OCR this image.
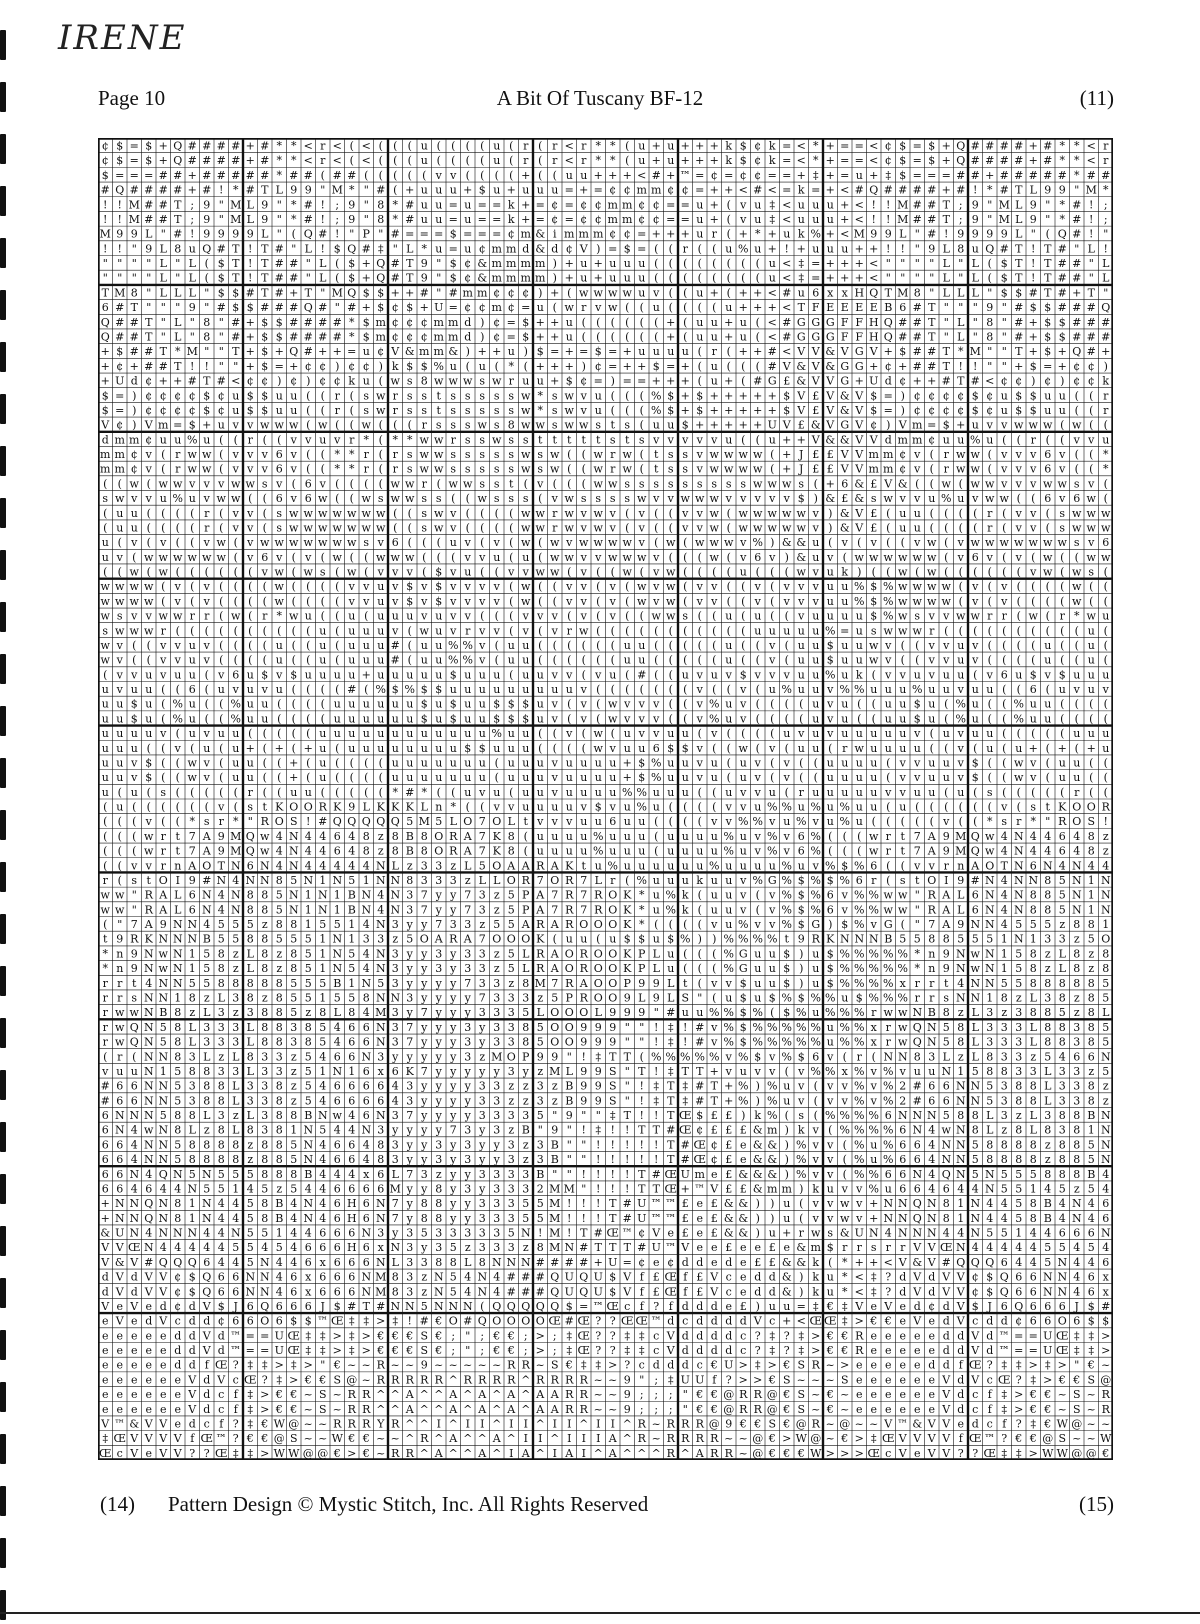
IRENE
Page 10	A Bit Of Tuscany BF-12	(11)
¢ $ = $ + Q # # # # + # * * < r < ( < ( ( ( u ( ( ( ( u ( r ( r < r * * ( u + u + + + k $ ¢ k = < * + = = < ¢ $ = $ + Q # # # # + # * * < r
¢ $ = $ + Q # # # # + # * * < r < ( < ( ( ( u ( ( ( ( u ( r ( r < r * * ( u + u + + + k $ ¢ k = < * + = = < ¢ $ = $ + Q # # # # + # * * < r
$ = = = # # + # # # # # * # # ( # # ( ( ( ( ( v v ( ( ( ( + ( ( u u + + + < # + ™ = ¢ = ¢ ¢ = = + ‡ + = u + ‡ $ = = = # # + # # # # # * # #
# Q # # # # + # ! * # T L 9 9 " M * " # ( + u u u + $ u + u u u = + = ¢ ¢ m m ¢ ¢ = + + < # < = k = + < # Q # # # # + # ! * # T L 9 9 " M *
! ! M # # T ; 9 " M L 9 " * # ! ; 9 " 8 * # u u = u = = k + = ¢ = ¢ ¢ m m ¢ ¢ = = u + ( v u ‡ < u u u + < ! ! M # # T ; 9 " M L 9 " * # ! ;
! ! M # # T ; 9 " M L 9 " * # ! ; 9 " 8 * # u u = u = = k + = ¢ = ¢ ¢ m m ¢ ¢ = = u + ( v u ‡ < u u u + < ! ! M # # T ; 9 " M L 9 " * # ! ;
M 9 9 L " # ! 9 9 9 9 L " ( Q # ! " P " # = = = $ = = = ¢ m & i m m m ¢ ¢ = + + + u r ( + * + u k % + < M 9 9 L " # ! 9 9 9 9 L " ( Q # ! "
! ! " 9 L 8 u Q # T ! T # " L ! $ Q # ‡ " L * u = u ¢ m m d & d ¢ V ) = $ = ( ( r ( ( u % u + ! + u u u + + ! ! " 9 L 8 u Q # T ! T # " L !
" " " " L " L ( $ T ! T # # " L ( $ + Q # T 9 " $ ¢ & m m m m ) + u + u u u ( ( ( ( ( ( ( ( u < ‡ = + + + < " " " " L " L ( $ T ! T # # " L
" " " " L " L ( $ T ! T # # " L ( $ + Q # T 9 " $ ¢ & m m m m ) + u + u u u ( ( ( ( ( ( ( ( u < ‡ = + + + < " " " " L " L ( $ T ! T # # " L
T M 8 " L L L " $ $ # T # + T " M Q $ $ + + # " # m m ¢ ¢ ¢ ) + ( w w w w u v ( ( u + ( + + < # u 6 x x H Q T M 8 " L L L " $ $ # T # + T "
6 # T " " " 9 " # $ $ # # # Q # " # + $ ¢ $ + U = ¢ ¢ m ¢ = u ( w r v w ( ( u ( ( ( ( u + + + < T F E E E E B 6 # T " " " 9 " # $ $ # # # Q
Q # # T " L " 8 " # + $ $ # # # # * $ m ¢ ¢ ¢ m m d ) ¢ = $ + + u ( ( ( ( ( ( + ( u u + u ( < # G G G F F H Q # # T " L " 8 " # + $ $ # # #
Q # # T " L " 8 " # + $ $ # # # # * $ m ¢ ¢ ¢ m m d ) ¢ = $ + + u ( ( ( ( ( ( + ( u u + u ( < # G G G F F H Q # # T " L " 8 " # + $ $ # # #
+ $ # # T * M " " T + $ + Q # + + = u ¢ V & m m & ) + + u ) $ = + = $ = + u u u u ( r ( + + # < V V & V G V + $ # # T * M " " T + $ + Q # +
+ ¢ + # # T ! ! " " + $ = + ¢ ¢ ) ¢ ¢ ) k $ $ % u ( u ( * ( + + + ) ¢ = + + $ = + ( u ( ( ( # V & V & G G + ¢ + # # T ! ! " " + $ = + ¢ ¢ )
+ U d ¢ + + # T # < ¢ ¢ ) ¢ ) ¢ ¢ k u ( w s 8 w w w s w r u u + $ ¢ = ) = = + + + ( u + ( # G £ & V V G + U d ¢ + + # T # < ¢ ¢ ) ¢ ) ¢ ¢ k
$ = ) ¢ ¢ ¢ ¢ $ ¢ u $ $ u u ( ( r ( s w r s s t s s s s s w * s w v u ( ( ( % $ + $ + + + + + $ V £ V & V $ = ) ¢ ¢ ¢ ¢ $ ¢ u $ $ u u ( ( r
$ = ) ¢ ¢ ¢ ¢ $ ¢ u $ $ u u ( ( r ( s w r s s t s s s s s w * s w v u ( ( ( % $ + $ + + + + + $ V £ V & V $ = ) ¢ ¢ ¢ ¢ $ ¢ u $ $ u u ( ( r
V ¢ ) V m = $ + u v v w w w ( w ( ( w ( ( ( r s s s w s 8 w w s w w s t s ( u u $ + + + + + U V £ & V G V ¢ ) V m = $ + u v v w w w ( w ( (
d m m ¢ u u % u ( ( r ( ( v v u v r * ( * * w w r s s w s s t t t t t s t s v v v v v u ( ( u + + V & & V V d m m ¢ u u % u ( ( r ( ( v v u
m m ¢ v ( r w w ( v v v 6 v ( ( * * r ( r s w w s s s s s w s w ( ( w r w ( t s s v w w w w ( + J £ £ V V m m ¢ v ( r w w ( v v v 6 v ( ( *
m m ¢ v ( r w w ( v v v 6 v ( ( * * r ( r s w w s s s s s w s w ( ( w r w ( t s s v w w w w ( + J £ £ V V m m ¢ v ( r w w ( v v v 6 v ( ( *
( ( w ( w w v v v w w s v ( 6 v ( ( ( ( w w r ( w w s s t ( v ( ( ( w w s s s s s s s s s w w w s ( + 6 & £ V & ( ( w ( w w v v v w w s v (
s w v v u % u v w w ( ( 6 v 6 w ( ( w s w w s s ( ( w s s s ( v w s s s s w v v w w w v v v v v $ ) & £ & s w v v u % u v w w ( ( 6 v 6 w (
( u u ( ( ( ( r ( v v ( s w w w w w w w ( ( s w v ( ( ( ( w w r w v w v ( v ( ( v v w ( w w w w w v ) & V £ ( u u ( ( ( ( r ( v v ( s w w w
( u u ( ( ( ( r ( v v ( s w w w w w w w ( ( s w v ( ( ( ( w w r w v w v ( v ( ( v v w ( w w w w w v ) & V £ ( u u ( ( ( ( r ( v v ( s w w w
u ( v ( v ( ( v w ( v w w w w w w w s v 6 ( ( ( u v ( v ( w ( w v w w w w v ( w ( w w w v % ) & & u ( v ( v ( ( v w ( v w w w w w w w s v 6
u v ( w w w w w w ( v 6 v ( v ( w ( ( w w w ( ( ( v v u ( u ( w w v v w w w v ( ( ( w ( v 6 v ) & u v ( w w w w w w ( v 6 v ( v ( w ( ( w w
( ( w ( w ( ( ( ( ( ( v w ( w s ( w ( v v v ( $ v u ( ( v v w w ( v ( ( w ( v w ( ( ( ( u ( ( ( w v u k ) ( ( w ( w ( ( ( ( ( ( v w ( w s (
w w w w ( v ( v ( ( ( ( w ( ( ( ( v v u v $ v $ v v v v ( w ( ( v v ( v ( w v w ( v v ( ( v ( v v v u u % $ % w w w w ( v ( v ( ( ( ( w ( (
w w w w ( v ( v ( ( ( ( w ( ( ( ( v v u v $ v $ v v v v ( w ( ( v v ( v ( w v w ( v v ( ( v ( v v v u u % $ % w w w w ( v ( v ( ( ( ( w ( (
w s v v w w r r ( w ( r * w u ( ( u ( u u u v u v v ( ( ( v v v ( v ( v ( ( w w s ( ( u ( u ( ( v u u u u $ % w s v v w w r r ( w ( r * w u
s w w w r ( ( ( ( ( ( ( ( ( ( u ( u u u v ( w u v r v v ( v ( v r w ( ( ( ( ( ( ( ( ( ( ( u u u u u % = u s w w w r ( ( ( ( ( ( ( ( ( ( u (
w v ( ( v v u v ( ( ( ( u ( ( u ( u u u # ( u u % % v ( u u ( ( ( ( ( ( u u ( ( ( ( ( u ( ( v ( u u $ u u w v ( ( v v u v ( ( ( ( u ( ( u (
w v ( ( v v u v ( ( ( ( u ( ( u ( u u u # ( u u % % v ( u u ( ( ( ( ( ( u u ( ( ( ( ( u ( ( v ( u u $ u u w v ( ( v v u v ( ( ( ( u ( ( u (
( v v u v u u ( v 6 u $ v $ u u u u + u u u u u $ u u u ( u u v v ( v u ( # ( ( u v u v $ v v v u u % u k ( v v u v u u ( v 6 u $ v $ u u u
u v u u ( ( 6 ( u v u v u ( ( ( ( # ( % $ % $ $ u u u u u u u u u v ( ( ( ( ( ( ( v ( ( v ( u % u u v % % u u u % u u v u u ( ( 6 ( u v u v
u u $ u ( % u ( ( % u u ( ( ( ( u u u u u u $ u $ u u $ $ $ u v ( v ( w v v v ( ( v % u v ( ( ( ( u v u ( ( u u $ u ( % u ( ( % u u ( ( ( (
u u $ u ( % u ( ( % u u ( ( ( ( u u u u u u $ u $ u u $ $ $ u v ( v ( w v v v ( ( v % u v ( ( ( ( u v u ( ( u u $ u ( % u ( ( % u u ( ( ( (
u u u u v ( u v u u ( ( ( ( ( u u u u u u u u u u u u % u u ( ( v ( w ( u v v u u ( v ( ( ( ( u v u v u u u u u v ( u v u u ( ( ( ( ( u u u
u u u ( ( v ( u ( u + ( + ( + u ( u u u u u u u u $ $ u u u ( ( ( ( w v u u 6 $ $ v ( ( w ( v ( u u ( r w u u u u ( ( v ( u ( u + ( + ( + u
u u v $ ( ( w v ( u u ( ( + ( u ( ( ( ( u u u u u u u ( u u u v u u u u + $ % u u v u ( u v ( v ( ( u u u u ( v v u u v $ ( ( w v ( u u ( (
u u v $ ( ( w v ( u u ( ( + ( u ( ( ( ( u u u u u u u ( u u u v u u u u + $ % u u v u ( u v ( v ( ( u u u u ( v v u u v $ ( ( w v ( u u ( (
u ( u ( s ( ( ( ( ( r ( ( u u ( ( ( ( ( * # * ( ( u v u ( u u v u u u u % % u u u ( ( u v v u ( r u u u u u v v u u ( u ( s ( ( ( ( ( r ( (
( u ( ( ( ( ( ( v ( s t K O O R K 9 L K K K L n * ( ( v v u u u u v $ v u % u ( ( ( ( v v u % % u % u % u u ( u ( ( ( ( ( ( v ( s t K O O R
( ( ( v ( ( * s r * " R O S ! # Q Q Q Q Q 5 M 5 L O 7 O L t v v v u u 6 u u ( ( ( ( v v % % v u % v u % u ( ( ( ( ( v ( ( * s r * " R O S !
( ( ( w r t 7 A 9 M Q w 4 N 4 4 6 4 8 z 8 B 8 O R A 7 K 8 ( u u u u % u u u ( u u u u % u v % v 6 % ( ( ( w r t 7 A 9 M Q w 4 N 4 4 6 4 8 z
( ( ( w r t 7 A 9 M Q w 4 N 4 4 6 4 8 z 8 B 8 O R A 7 K 8 ( u u u u % u u u ( u u u u % u v % v 6 % ( ( ( w r t 7 A 9 M Q w 4 N 4 4 6 4 8 z
( ( v v r n A O T N 6 N 4 N 4 4 4 4 4 N L z 3 3 z L 5 O A A R A K t u % u u u u u u % u u u u % u v % $ % 6 ( ( v v r n A O T N 6 N 4 N 4 4
r ( s t O I 9 # N 4 N N 8 5 N 1 N 5 1 N N 8 3 3 3 z L L O R 7 O R 7 L r ( % u u u k u u v % G % $ % $ % 6 r ( s t O I 9 # N 4 N N 8 5 N 1 N
w w " R A L 6 N 4 N 8 8 5 N 1 N 1 B N 4 N 3 7 y y 7 3 z 5 P A 7 R 7 R O K * u % k ( u u v ( v % $ % 6 v % % w w " R A L 6 N 4 N 8 8 5 N 1 N
w w " R A L 6 N 4 N 8 8 5 N 1 N 1 B N 4 N 3 7 y y 7 3 z 5 P A 7 R 7 R O K * u % k ( u u v ( v % $ % 6 v % % w w " R A L 6 N 4 N 8 8 5 N 1 N
( " 7 A 9 N N 4 5 5 5 z 8 8 1 5 5 1 4 N 3 y y 7 3 3 z 5 5 A R A R O O O K * ( ( ( ( v u % v v % $ G ) $ % v G ( " 7 A 9 N N 4 5 5 5 z 8 8 1
t 9 R K N N N B 5 5 8 8 5 5 5 1 N 1 3 3 z 5 O A R A 7 O O O K ( u u ( u $ $ u $ % ) ) % % % % t 9 R K N N N B 5 5 8 8 5 5 5 1 N 1 3 3 z 5 O
* n 9 N w N 1 5 8 z L 8 z 8 5 1 N 5 4 N 3 y y 3 y 3 3 z 5 L R A O R O O K P L u ( ( ( % G u u $ ) u $ % % % % % * n 9 N w N 1 5 8 z L 8 z 8
* n 9 N w N 1 5 8 z L 8 z 8 5 1 N 5 4 N 3 y y 3 y 3 3 z 5 L R A O R O O K P L u ( ( ( % G u u $ ) u $ % % % % % * n 9 N w N 1 5 8 z L 8 z 8
r r t 4 N N 5 5 8 8 8 8 8 5 5 5 B 1 N 5 3 y y y y 7 3 3 z 8 M 7 R A O O P 9 9 L t ( v v $ u u $ ) u $ % % % % x r r t 4 N N 5 5 8 8 8 8 8 5
r r s N N 1 8 z L 3 8 z 8 5 5 1 5 5 8 N N 3 y y y y 7 3 3 3 z 5 P R O O 9 L 9 L S " ( u $ u $ % $ % % u $ % % % r r s N N 1 8 z L 3 8 z 8 5
r w w N B 8 z L 3 z 3 8 8 5 z 8 L 8 4 M 3 y 7 y y y 3 3 3 5 L O O O L 9 9 9 " # u u % % $ % ( $ % u % % % r w w N B 8 z L 3 z 3 8 8 5 z 8 L
r w Q N 5 8 L 3 3 3 L 8 8 3 8 5 4 6 6 N 3 7 y y y 3 y 3 3 8 5 O O 9 9 9 " " ! ‡ ! # v % $ % % % % % u % % x r w Q N 5 8 L 3 3 3 L 8 8 3 8 5
r w Q N 5 8 L 3 3 3 L 8 8 3 8 5 4 6 6 N 3 7 y y y 3 y 3 3 8 5 O O 9 9 9 " " ! ‡ ! # v % $ % % % % % u % % x r w Q N 5 8 L 3 3 3 L 8 8 3 8 5
( r ( N N 8 3 L z L 8 3 3 z 5 4 6 6 N 3 y y y y y 3 z M O P 9 9 " ! ‡ T T ( % % % % % v % $ v % $ 6 v ( r ( N N 8 3 L z L 8 3 3 z 5 4 6 6 N
v u u N 1 5 8 8 3 3 L 3 3 z 5 1 N 1 6 x 6 K 7 y y y y y 3 y z M L 9 9 S " T ! ‡ T T + v u v v ( v % % x % v % v u u N 1 5 8 8 3 3 L 3 3 z 5
# 6 6 N N 5 3 8 8 L 3 3 8 z 5 4 6 6 6 6 4 3 y y y y 3 3 z z 3 z B 9 9 S " ! ‡ T ‡ # T + % ) % u v ( v v % v % 2 # 6 6 N N 5 3 8 8 L 3 3 8 z
# 6 6 N N 5 3 8 8 L 3 3 8 z 5 4 6 6 6 6 4 3 y y y y 3 3 z z 3 z B 9 9 S " ! ‡ T ‡ # T + % ) % u v ( v v % v % 2 # 6 6 N N 5 3 8 8 L 3 3 8 z
6 N N N 5 8 8 L 3 z L 3 8 8 B N w 4 6 N 3 7 y y y y 3 3 3 3 5 " 9 " " ‡ T ! ! T Œ $ £ £ ) k % ( s ( % % % % 6 N N N 5 8 8 L 3 z L 3 8 8 B N
6 N 4 w N 8 L z 8 L 8 3 8 1 N 5 4 4 N 3 y y y y 7 3 y 3 z B " 9 " ! ‡ ! ! T T # Œ ¢ £ £ £ & m ) k v ( % % % % 6 N 4 w N 8 L z 8 L 8 3 8 1 N
6 6 4 N N 5 8 8 8 8 z 8 8 5 N 4 6 6 4 8 3 y y 3 y 3 y y 3 z 3 B " " ! ! ! ! ! T # Œ ¢ £ e & & ) % v v ( % u % 6 6 4 N N 5 8 8 8 8 z 8 8 5 N
6 6 4 N N 5 8 8 8 8 z 8 8 5 N 4 6 6 4 8 3 y y 3 y 3 y y 3 z 3 B " " ! ! ! ! ! T # Œ ¢ £ e & & ) % v v ( % u % 6 6 4 N N 5 8 8 8 8 z 8 8 5 N
6 6 N 4 Q N 5 N 5 5 5 8 8 8 B 4 4 4 x 6 L 7 3 z y y 3 3 3 3 B " " ! ! ! ! T # Œ U m e £ & & & ) % v v ( % % 6 6 N 4 Q N 5 N 5 5 5 8 8 8 B 4
6 6 4 6 4 4 N 5 5 1 4 5 z 5 4 4 6 6 6 6 M y y 8 y 3 y 3 3 3 2 M M " ! ! ! T T Œ + ™ V £ £ & m m ) k u v v % u 6 6 4 6 4 4 N 5 5 1 4 5 z 5 4
+ N N Q N 8 1 N 4 4 5 8 B 4 N 4 6 H 6 N 7 y 8 8 y y 3 3 3 5 5 M ! ! ! T # U ™ ™ £ e £ & & ) ) u ( v v w v + N N Q N 8 1 N 4 4 5 8 B 4 N 4 6
+ N N Q N 8 1 N 4 4 5 8 B 4 N 4 6 H 6 N 7 y 8 8 y y 3 3 3 5 5 M ! ! ! T # U ™ ™ £ e £ & & ) ) u ( v v w v + N N Q N 8 1 N 4 4 5 8 B 4 N 4 6
& U N 4 N N N 4 4 N 5 5 1 4 4 6 6 6 N 3 y 3 5 3 3 3 3 3 5 N ! M ! T # Œ ™ ¢ V e £ e £ & & ) u + r w s & U N 4 N N N 4 4 N 5 5 1 4 4 6 6 6 N
V V Œ N 4 4 4 4 4 5 5 4 5 4 6 6 6 H 6 x N 3 y 3 5 z 3 3 3 z 8 M N # T T T # U ™ V e e £ e e £ e & m $ r r s r r V V Œ N 4 4 4 4 4 5 5 4 5 4
V & V # Q Q Q 6 4 4 5 N 4 4 6 x 6 6 6 N L 3 3 8 8 L 8 N N N # # # # + U = ¢ e ¢ d d e d e £ £ & & k ( * + + < V & V # Q Q Q 6 4 4 5 N 4 4 6
d V d V V ¢ $ Q 6 6 N N 4 6 x 6 6 6 N M 8 3 z N 5 4 N 4 # # # Q U Q U $ V f £ Œ f £ V c e d d & ) k u * < ‡ ? d V d V V ¢ $ Q 6 6 N N 4 6 x
d V d V V ¢ $ Q 6 6 N N 4 6 x 6 6 6 N M 8 3 z N 5 4 N 4 # # # Q U Q U $ V f £ Œ f £ V c e d d & ) k u * < ‡ ? d V d V V ¢ $ Q 6 6 N N 4 6 x
V e V e d ¢ d V $ J 6 Q 6 6 6 J $ # T # N N 5 N N N ( Q Q Q Q Q $ = ™ Œ c f ? f d d d e £ ) u u = ‡ € ‡ V e V e d ¢ d V $ J 6 Q 6 6 6 J $ #
e V e d V c d d ¢ 6 6 O 6 $ $ ™ Œ ‡ ‡ > ‡ ! # € O # Q O O O O Œ # Œ ? ? Œ Œ ™ d c d d d d V c + < Œ Œ ‡ > € € e V e d V c d d ¢ 6 6 O 6 $ $
e e e e e d d V d ™ = = U Œ ‡ ‡ > ‡ > € € € S € ; " ; € € ; > ; ‡ Œ ? ? ‡ ‡ c V d d d d c ? ‡ ? ‡ > € € R e e e e e d d V d ™ = = U Œ ‡ ‡ >
e e e e e d d V d ™ = = U Œ ‡ ‡ > ‡ > € € € S € ; " ; € € ; > ; ‡ Œ ? ? ‡ ‡ c V d d d d c ? ‡ ? ‡ > € € R e e e e e d d V d ™ = = U Œ ‡ ‡ >
e e e e e d d f Œ ? ‡ ‡ > ‡ > " € ~ ~ R ~ ~ 9 ~ ~ ~ ~ ~ R R ~ S € ‡ ‡ > ? c d d d c € U > ‡ > € S R ~ > e e e e e d d f Œ ? ‡ ‡ > ‡ > " € ~
e e e e e e V d V c Œ ? ‡ > € € S @ ~ R R R R R ^ R R R R ^ R R R R ~ ~ 9 " ; ‡ U U f ? > > € S ~ ~ ~ S e e e e e e V d V c Œ ? ‡ > € € S @
e e e e e e V d c f ‡ > € € ~ S ~ R R ^ ^ A ^ ^ A ^ A ^ A ^ A A R R ~ ~ 9 ; ; ; " € € @ R R @ € S ~ € ~ e e e e e e V d c f ‡ > € € ~ S ~ R
e e e e e e V d c f ‡ > € € ~ S ~ R R ^ ^ A ^ ^ A ^ A ^ A ^ A A R R ~ ~ 9 ; ; ; " € € @ R R @ € S ~ € ~ e e e e e e V d c f ‡ > € € ~ S ~ R
V ™ & V V e d c f ? ‡ € W @ ~ ~ R R R Y R ^ ^ I ^ I I ^ I I ^ I I ^ I I ^ R ~ R R R @ 9 € € S € @ R ~ @ ~ ~ V ™ & V V e d c f ? ‡ € W @ ~ ~
‡ Œ V V V V f Œ ™ ? € € @ S ~ ~ W € € ~ ~ ^ R ^ A ^ ^ A ^ I I ^ I I I A ^ R ~ R R R R ~ ~ @ € > W @ ~ € > ‡ Œ V V V V f Œ ™ ? € € @ S ~ ~ W
Œ c V e V V ? ? Œ ‡ ‡ > W W @ @ € > € ~ R R ^ A ^ ^ A ^ I A ^ I A I ^ A ^ ^ ^ R ^ A R R ~ @ € € € W > > > Œ c V e V V ? ? Œ ‡ ‡ > W W @ @ €
(14) Pattern Design © Mystic Stitch, Inc. All Rights Reserved	(15)
